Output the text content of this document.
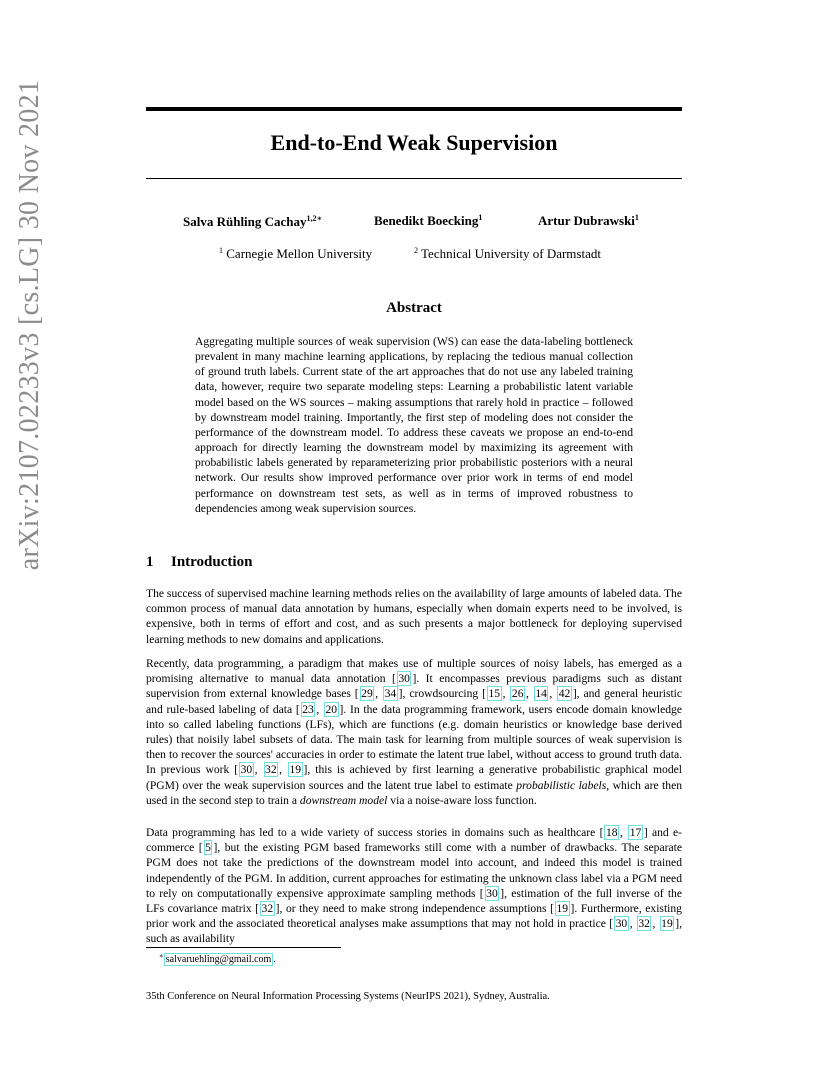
arXiv:2107.02233v3 [cs.LG] 30 Nov 2021	End-to-End Weak Supervision
Salva Rühling Cachay$^{1,2∗}$	Benedikt Boecking$^1$	Artur Dubrawski$^1$
$^1$ Carnegie Mellon University	$^2$ Technical University of Darmstadt
Abstract
Aggregating multiple sources of weak supervision (WS) can ease the data-labeling bottleneck prevalent in many machine learning applications, by replacing the tedious manual collection of ground truth labels. Current state of the art approaches that do not use any labeled training data, however, require two separate modeling steps: Learning a probabilistic latent variable model based on the WS sources – making assumptions that rarely hold in practice – followed by downstream model training. Importantly, the first step of modeling does not consider the performance of the downstream model. To address these caveats we propose an end-to-end approach for directly learning the downstream model by maximizing its agreement with probabilistic labels generated by reparameterizing prior probabilistic posteriors with a neural network. Our results show improved performance over prior work in terms of end model performance on downstream test sets, as well as in terms of improved robustness to dependencies among weak supervision sources.
1 Introduction
The success of supervised machine learning methods relies on the availability of large amounts of labeled data. The common process of manual data annotation by humans, especially when domain experts need to be involved, is expensive, both in terms of effort and cost, and as such presents a major bottleneck for deploying supervised learning methods to new domains and applications.
Recently, data programming, a paradigm that makes use of multiple sources of noisy labels, has emerged as a promising alternative to manual data annotation [ 30 ]. It encompasses previous paradigms such as distant supervision from external knowledge bases [ 29 , 34 ], crowdsourcing [ 15 , 26 , 14 , 42 ], and general heuristic and rule-based labeling of data [ 23 , 20 ]. In the data programming framework, users encode domain knowledge into so called labeling functions (LFs), which are functions (e.g. domain heuristics or knowledge base derived rules) that noisily label subsets of data. The main task for learning from multiple sources of weak supervision is then to recover the sources' accuracies in order to estimate the latent true label, without access to ground truth data. In previous work [ 30 , 32 , 19 ], this is achieved by first learning a generative probabilistic graphical model (PGM) over the weak supervision sources and the latent true label to estimate probabilistic labels, which are then used in the second step to train a downstream model via a noise-aware loss function.
Data programming has led to a wide variety of success stories in domains such as healthcare [ 18 , 17 ] and e-commerce [ 5 ], but the existing PGM based frameworks still come with a number of drawbacks. The separate PGM does not take the predictions of the downstream model into account, and indeed this model is trained independently of the PGM. In addition, current approaches for estimating the unknown class label via a PGM need to rely on computationally expensive approximate sampling methods [ 30 ], estimation of the full inverse of the LFs covariance matrix [ 32 ], or they need to make strong independence assumptions [ 19 ]. Furthermore, existing prior work and the associated theoretical analyses make assumptions that may not hold in practice [ 30 , 32 , 19 ], such as availability
∗ salvaruehling@gmail.com .
35th Conference on Neural Information Processing Systems (NeurIPS 2021), Sydney, Australia.
